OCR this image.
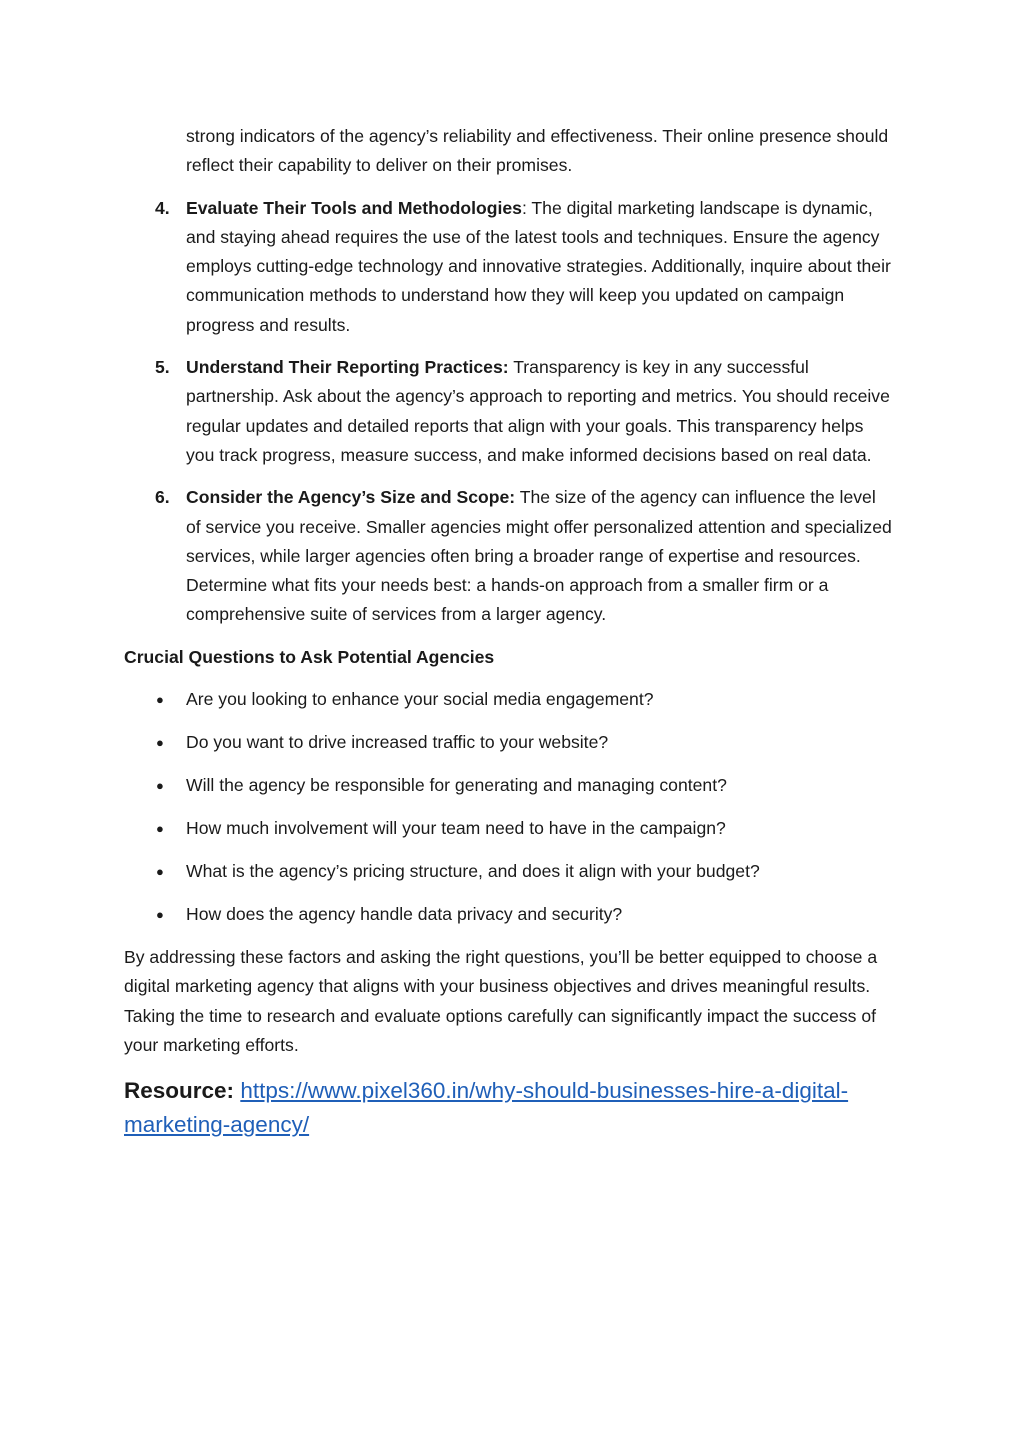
strong indicators of the agency’s reliability and effectiveness. Their online presence should reflect their capability to deliver on their promises.

4. Evaluate Their Tools and Methodologies: The digital marketing landscape is dynamic, and staying ahead requires the use of the latest tools and techniques. Ensure the agency employs cutting-edge technology and innovative strategies. Additionally, inquire about their communication methods to understand how they will keep you updated on campaign progress and results.
5. Understand Their Reporting Practices: Transparency is key in any successful partnership. Ask about the agency’s approach to reporting and metrics. You should receive regular updates and detailed reports that align with your goals. This transparency helps you track progress, measure success, and make informed decisions based on real data.
6. Consider the Agency’s Size and Scope: The size of the agency can influence the level of service you receive. Smaller agencies might offer personalized attention and specialized services, while larger agencies often bring a broader range of expertise and resources. Determine what fits your needs best: a hands-on approach from a smaller firm or a comprehensive suite of services from a larger agency.
Crucial Questions to Ask Potential Agencies
● Are you looking to enhance your social media engagement?
● Do you want to drive increased traffic to your website?
● Will the agency be responsible for generating and managing content?
● How much involvement will your team need to have in the campaign?
● What is the agency’s pricing structure, and does it align with your budget?
● How does the agency handle data privacy and security?

By addressing these factors and asking the right questions, you’ll be better equipped to choose a digital marketing agency that aligns with your business objectives and drives meaningful results. Taking the time to research and evaluate options carefully can significantly impact the success of your marketing efforts.

Resource: https://www.pixel360.in/why-should-businesses-hire-a-digital-marketing-agency/
